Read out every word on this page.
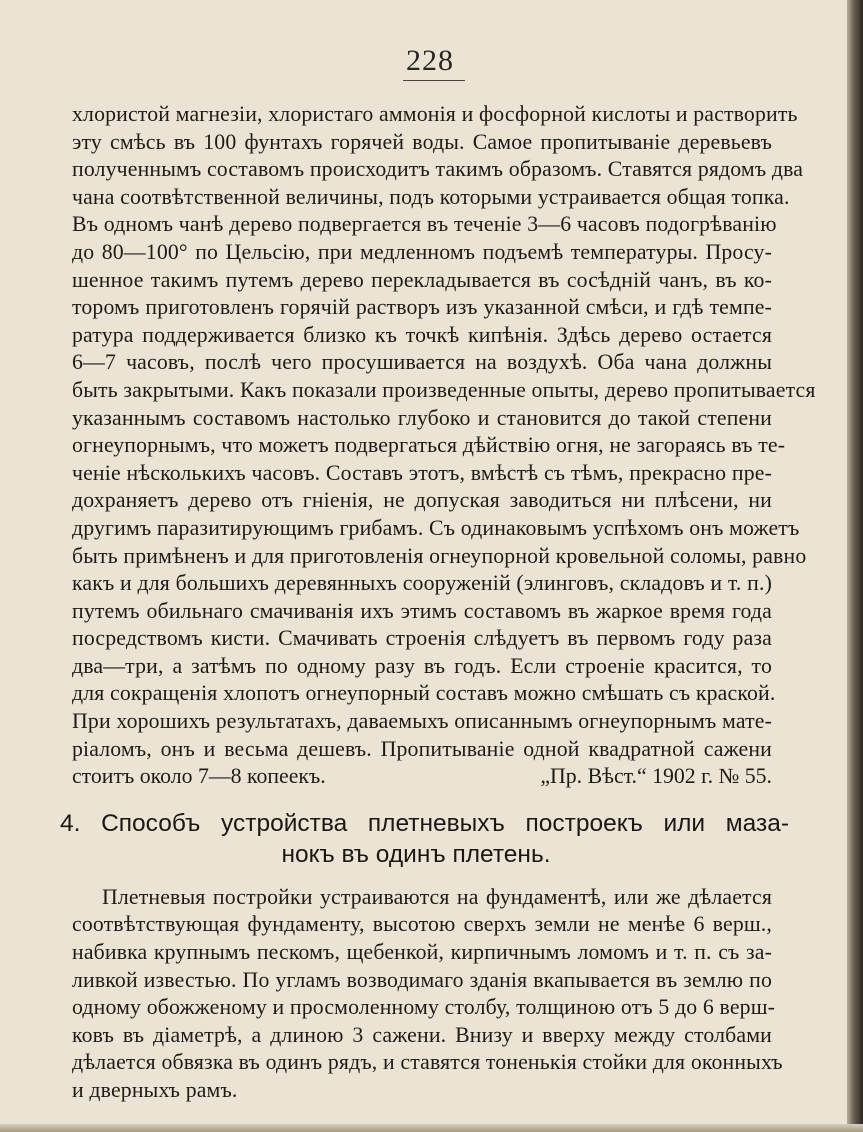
228
хлористой магнезіи, хлористаго аммонія и фосфорной кислоты и растворить
эту смѣсь въ 100 фунтахъ горячей воды. Самое пропитываніе деревьевъ
полученнымъ составомъ происходитъ такимъ образомъ. Ставятся рядомъ два
чана соотвѣтственной величины, подъ которыми устраивается общая топка.
Въ одномъ чанѣ дерево подвергается въ теченіе 3—6 часовъ подогрѣванію
до 80—100° по Цельсію, при медленномъ подъемѣ температуры. Просу-
шенное такимъ путемъ дерево перекладывается въ сосѣдній чанъ, въ ко-
торомъ приготовленъ горячій растворъ изъ указанной смѣси, и гдѣ темпе-
ратура поддерживается близко къ точкѣ кипѣнія. Здѣсь дерево остается
6—7 часовъ, послѣ чего просушивается на воздухѣ. Оба чана должны
быть закрытыми. Какъ показали произведенные опыты, дерево пропитывается
указаннымъ составомъ настолько глубоко и становится до такой степени
огнеупорнымъ, что можетъ подвергаться дѣйствію огня, не загораясь въ те-
ченіе нѣсколькихъ часовъ. Составъ этотъ, вмѣстѣ съ тѣмъ, прекрасно пре-
дохраняетъ дерево отъ гніенія, не допуская заводиться ни плѣсени, ни
другимъ паразитирующимъ грибамъ. Съ одинаковымъ успѣхомъ онъ можетъ
быть примѣненъ и для приготовленія огнеупорной кровельной соломы, равно
какъ и для большихъ деревянныхъ сооруженій (элинговъ, складовъ и т. п.)
путемъ обильнаго смачиванія ихъ этимъ составомъ въ жаркое время года
посредствомъ кисти. Смачивать строенія слѣдуетъ въ первомъ году раза
два—три, а затѣмъ по одному разу въ годъ. Если строеніе красится, то
для сокращенія хлопотъ огнеупорный составъ можно смѣшать съ краской.
При хорошихъ результатахъ, даваемыхъ описаннымъ огнеупорнымъ мате-
ріаломъ, онъ и весьма дешевъ. Пропитываніе одной квадратной сажени
стоитъ около 7—8 копеекъ.	„Пр. Вѣст.“ 1902 г. № 55.
4. Способъ устройства плетневыхъ построекъ или маза-
нокъ въ одинъ плетень.
Плетневыя постройки устраиваются на фундаментѣ, или же дѣлается
соотвѣтствующая фундаменту, высотою сверхъ земли не менѣе 6 верш.,
набивка крупнымъ пескомъ, щебенкой, кирпичнымъ ломомъ и т. п. съ за-
ливкой известью. По угламъ возводимаго зданія вкапывается въ землю по
одному обожженому и просмоленному столбу, толщиною отъ 5 до 6 верш-
ковъ въ діаметрѣ, а длиною 3 сажени. Внизу и вверху между столбами
дѣлается обвязка въ одинъ рядъ, и ставятся тоненькія стойки для оконныхъ
и дверныхъ рамъ.
